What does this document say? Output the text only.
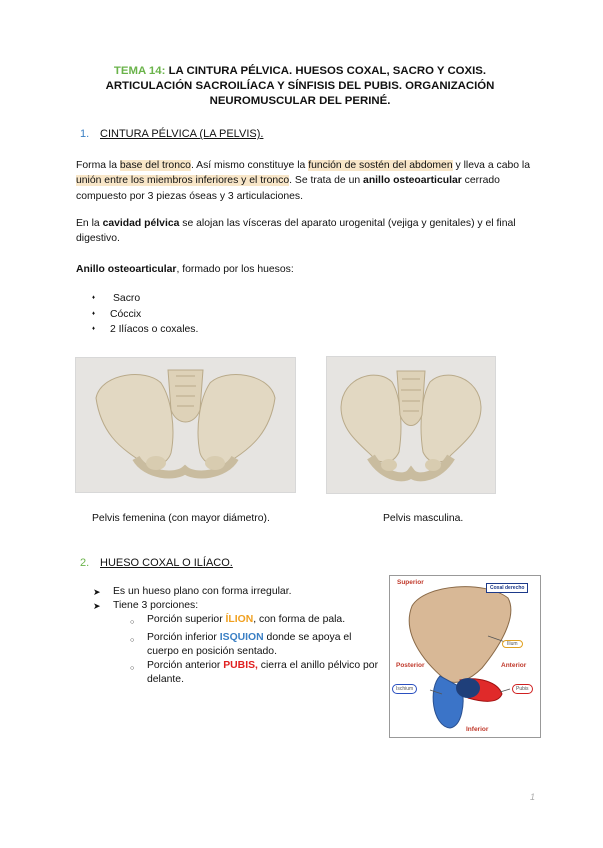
TEMA 14: LA CINTURA PÉLVICA. HUESOS COXAL, SACRO Y COXIS. ARTICULACIÓN SACROILÍACA Y SÍNFISIS DEL PUBIS. ORGANIZACIÓN NEUROMUSCULAR DEL PERINÉ.
1. CINTURA PÉLVICA (LA PELVIS).
Forma la base del tronco. Así mismo constituye la función de sostén del abdomen y lleva a cabo la unión entre los miembros inferiores y el tronco. Se trata de un anillo osteoarticular cerrado compuesto por 3 piezas óseas y 3 articulaciones.
En la cavidad pélvica se alojan las vísceras del aparato urogenital (vejiga y genitales) y el final digestivo.
Anillo osteoarticular, formado por los huesos:
♦	Sacro
♦	Cóccix
♦	2 Ilíacos o coxales.
Pelvis femenina (con mayor diámetro).	Pelvis masculina.
2. HUESO COXAL O ILÍACO.
➤	Es un hueso plano con forma irregular.
➤	Tiene 3 porciones:
○	Porción superior ÍLION, con forma de pala.
○	Porción inferior ISQUION donde se apoya el cuerpo en posición sentado.
○	Porción anterior PUBIS, cierra el anillo pélvico por delante.
Superior
Coxal derecho
Ilium
Posterior	Anterior
Ischium	Pubis
Inferior
1
